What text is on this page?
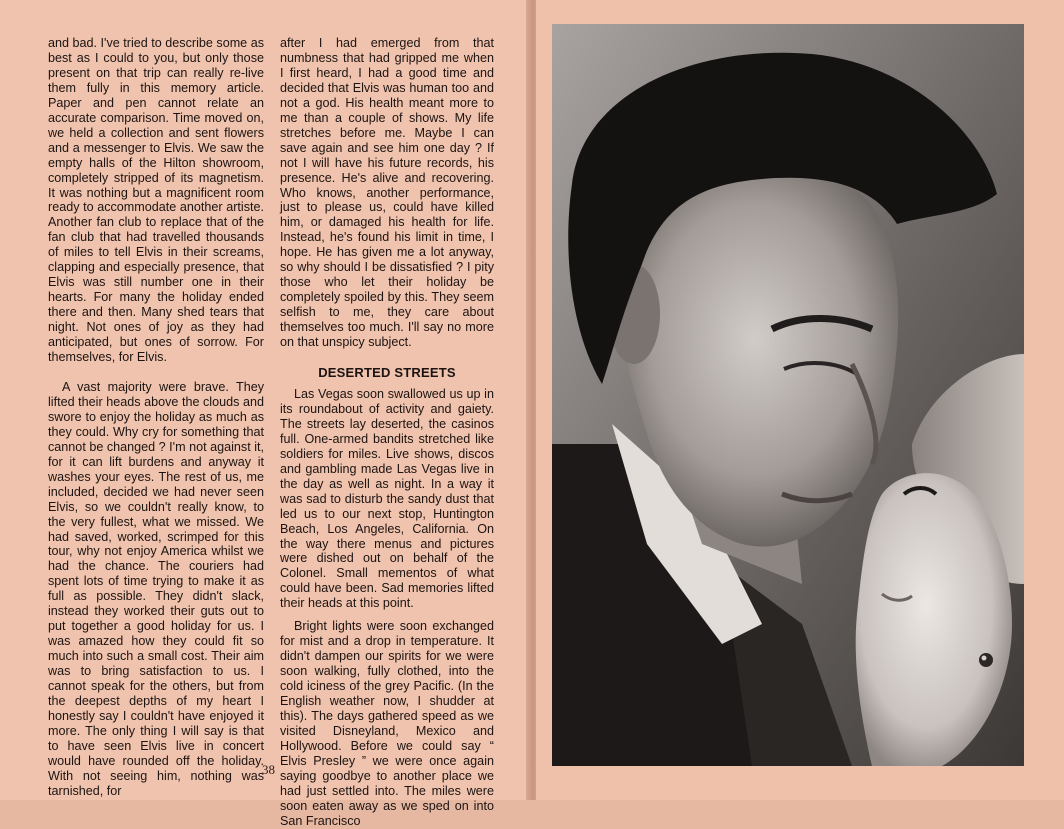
and bad. I've tried to describe some as best as I could to you, but only those present on that trip can really re-live them fully in this memory article. Paper and pen cannot relate an accurate comparison. Time moved on, we held a collection and sent flowers and a messenger to Elvis. We saw the empty halls of the Hilton showroom, completely stripped of its magnetism. It was nothing but a magnificent room ready to accommodate another artiste. Another fan club to replace that of the fan club that had travelled thousands of miles to tell Elvis in their screams, clapping and especially presence, that Elvis was still number one in their hearts. For many the holiday ended there and then. Many shed tears that night. Not ones of joy as they had anticipated, but ones of sorrow. For themselves, for Elvis.

A vast majority were brave. They lifted their heads above the clouds and swore to enjoy the holiday as much as they could. Why cry for something that cannot be changed ? I'm not against it, for it can lift burdens and anyway it washes your eyes. The rest of us, me included, decided we had never seen Elvis, so we couldn't really know, to the very fullest, what we missed. We had saved, worked, scrimped for this tour, why not enjoy America whilst we had the chance. The couriers had spent lots of time trying to make it as full as possible. They didn't slack, instead they worked their guts out to put together a good holiday for us. I was amazed how they could fit so much into such a small cost. Their aim was to bring satisfaction to us. I cannot speak for the others, but from the deepest depths of my heart I honestly say I couldn't have enjoyed it more. The only thing I will say is that to have seen Elvis live in concert would have rounded off the holiday. With not seeing him, nothing was tarnished, for

after I had emerged from that numbness that had gripped me when I first heard, I had a good time and decided that Elvis was human too and not a god. His health meant more to me than a couple of shows. My life stretches before me. Maybe I can save again and see him one day ? If not I will have his future records, his presence. He's alive and recovering. Who knows, another performance, just to please us, could have killed him, or damaged his health for life. Instead, he's found his limit in time, I hope. He has given me a lot anyway, so why should I be dissatisfied ? I pity those who let their holiday be completely spoiled by this. They seem selfish to me, they care about themselves too much. I'll say no more on that unspicy subject.

DESERTED STREETS

Las Vegas soon swallowed us up in its roundabout of activity and gaiety. The streets lay deserted, the casinos full. One-armed bandits stretched like soldiers for miles. Live shows, discos and gambling made Las Vegas live in the day as well as night. In a way it was sad to disturb the sandy dust that led us to our next stop, Huntington Beach, Los Angeles, California. On the way there menus and pictures were dished out on behalf of the Colonel. Small mementos of what could have been. Sad memories lifted their heads at this point.

Bright lights were soon exchanged for mist and a drop in temperature. It didn't dampen our spirits for we were soon walking, fully clothed, into the cold iciness of the grey Pacific. (In the English weather now, I shudder at this). The days gathered speed as we visited Disneyland, Mexico and Hollywood. Before we could say “ Elvis Presley ” we were once again saying goodbye to another place we had just settled into. The miles were soon eaten away as we sped on into San Francisco

38
